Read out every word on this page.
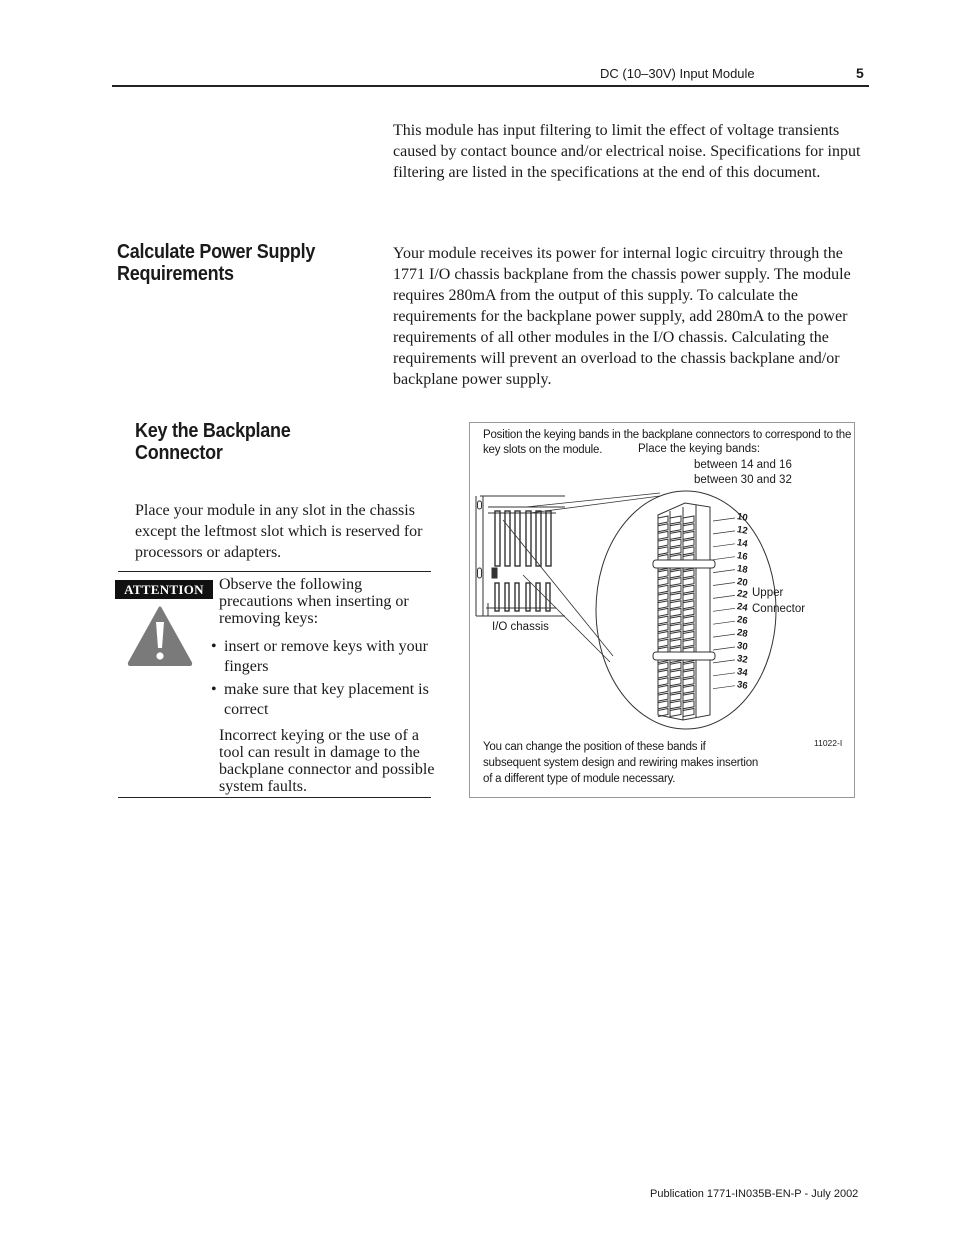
DC (10–30V) Input Module	5

This module has input filtering to limit the effect of voltage transients caused by contact bounce and/or electrical noise. Specifications for input filtering are listed in the specifications at the end of this document.

Calculate Power Supply Requirements

Your module receives its power for internal logic circuitry through the 1771 I/O chassis backplane from the chassis power supply. The module requires 280mA from the output of this supply. To calculate the requirements for the backplane power supply, add 280mA to the power requirements of all other modules in the I/O chassis. Calculating the requirements will prevent an overload to the chassis backplane and/or backplane power supply.

Key the Backplane Connector

Place your module in any slot in the chassis except the leftmost slot which is reserved for processors or adapters.

ATTENTION Observe the following precautions when inserting or removing keys:
• insert or remove keys with your fingers
• make sure that key placement is correct
Incorrect keying or the use of a tool can result in damage to the backplane connector and possible system faults.
Position the keying bands in the backplane connectors to correspond to the key slots on the module.	Place the keying bands:
between 14 and 16
between 30 and 32
I/O chassis
Upper Connector
10
12
14
16
18
20
22
24
26
28
30
32
34
36
11022-I
You can change the position of these bands if subsequent system design and rewiring makes insertion of a different type of module necessary.
Publication 1771-IN035B-EN-P - July 2002
